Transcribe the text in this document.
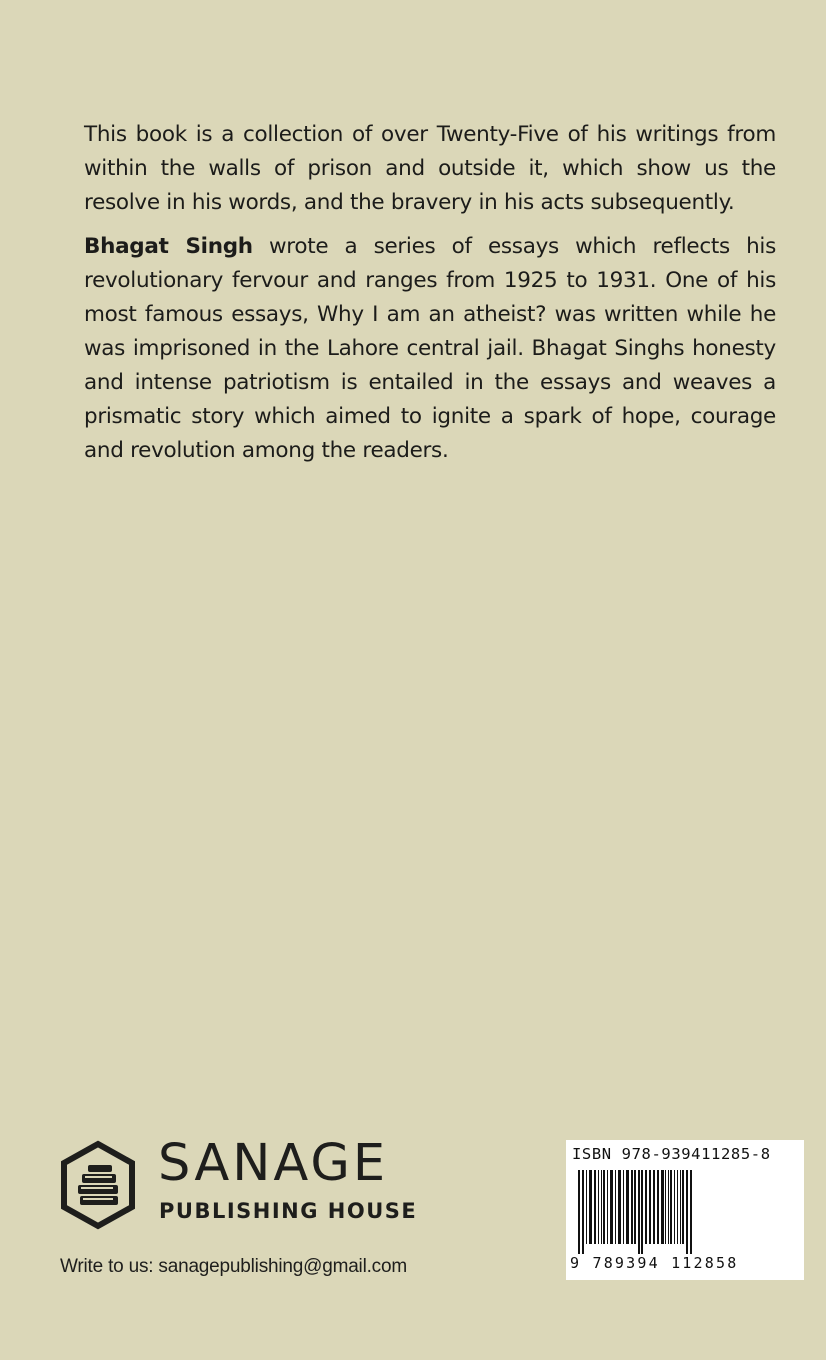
This book is a collection of over Twenty-Five of his writings from within the walls of prison and outside it, which show us the resolve in his words, and the bravery in his acts subsequently.

Bhagat Singh wrote a series of essays which reflects his revolutionary fervour and ranges from 1925 to 1931. One of his most famous essays, Why I am an atheist? was written while he was imprisoned in the Lahore central jail. Bhagat Singhs honesty and intense patriotism is entailed in the essays and weaves a prismatic story which aimed to ignite a spark of hope, courage and revolution among the readers.

SANAGE
PUBLISHING HOUSE
Write to us: sanagepublishing@gmail.com
ISBN 978-939411285-8
9 789394 112858
